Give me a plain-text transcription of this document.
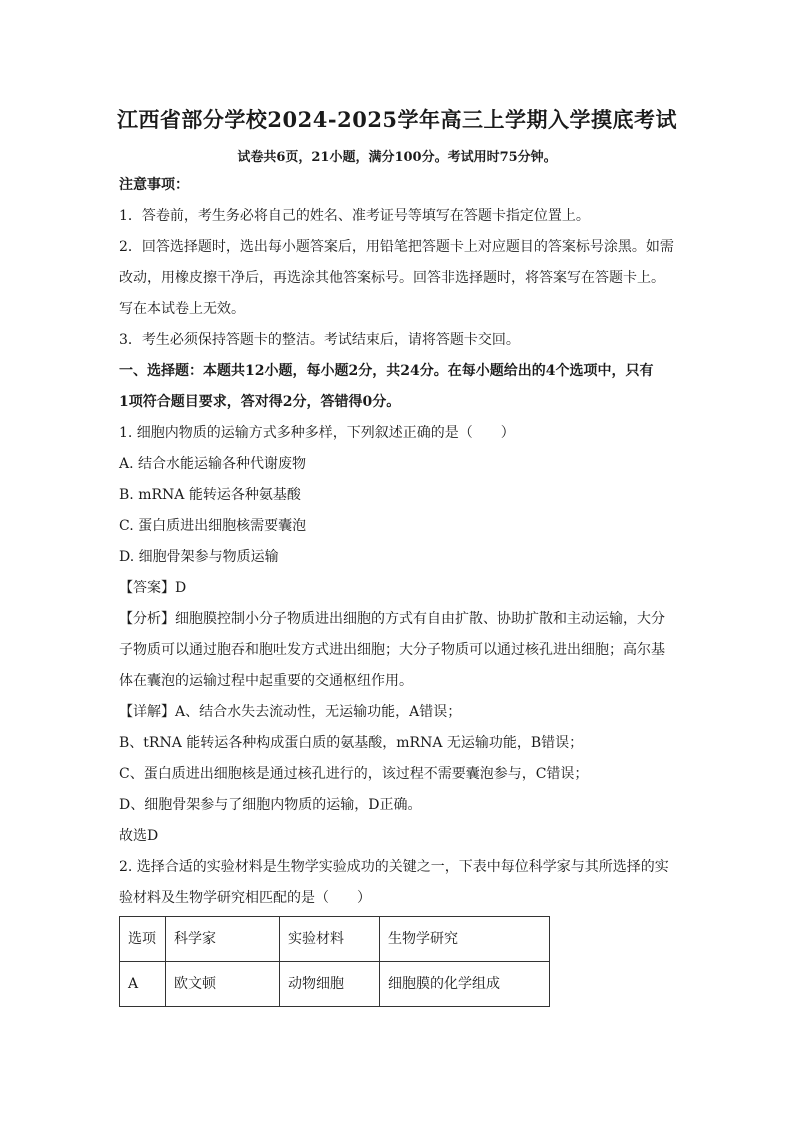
江西省部分学校2024-2025学年高三上学期入学摸底考试

试卷共6页，21小题，满分100分。考试用时75分钟。

注意事项：
1．答卷前，考生务必将自己的姓名、准考证号等填写在答题卡指定位置上。
2．回答选择题时，选出每小题答案后，用铅笔把答题卡上对应题目的答案标号涂黑。如需
改动，用橡皮擦干净后，再选涂其他答案标号。回答非选择题时，将答案写在答题卡上。
写在本试卷上无效。
3．考生必须保持答题卡的整洁。考试结束后，请将答题卡交回。
一、选择题：本题共12小题，每小题2分，共24分。在每小题给出的4个选项中，只有
1项符合题目要求，答对得2分，答错得0分。
1. 细胞内物质的运输方式多种多样，下列叙述正确的是（　　）
A. 结合水能运输各种代谢废物
B. mRNA 能转运各种氨基酸
C. 蛋白质进出细胞核需要囊泡
D. 细胞骨架参与物质运输
【答案】D
【分析】细胞膜控制小分子物质进出细胞的方式有自由扩散、协助扩散和主动运输，大分
子物质可以通过胞吞和胞吐发方式进出细胞；大分子物质可以通过核孔进出细胞；高尔基
体在囊泡的运输过程中起重要的交通枢纽作用。
【详解】A、结合水失去流动性，无运输功能，A错误；
B、tRNA 能转运各种构成蛋白质的氨基酸，mRNA 无运输功能，B错误；
C、蛋白质进出细胞核是通过核孔进行的，该过程不需要囊泡参与，C错误；
D、细胞骨架参与了细胞内物质的运输，D正确。
故选D
2. 选择合适的实验材料是生物学实验成功的关键之一，下表中每位科学家与其所选择的实
验材料及生物学研究相匹配的是（　　）
选项	科学家	实验材料	生物学研究
A	欧文顿	动物细胞	细胞膜的化学组成
